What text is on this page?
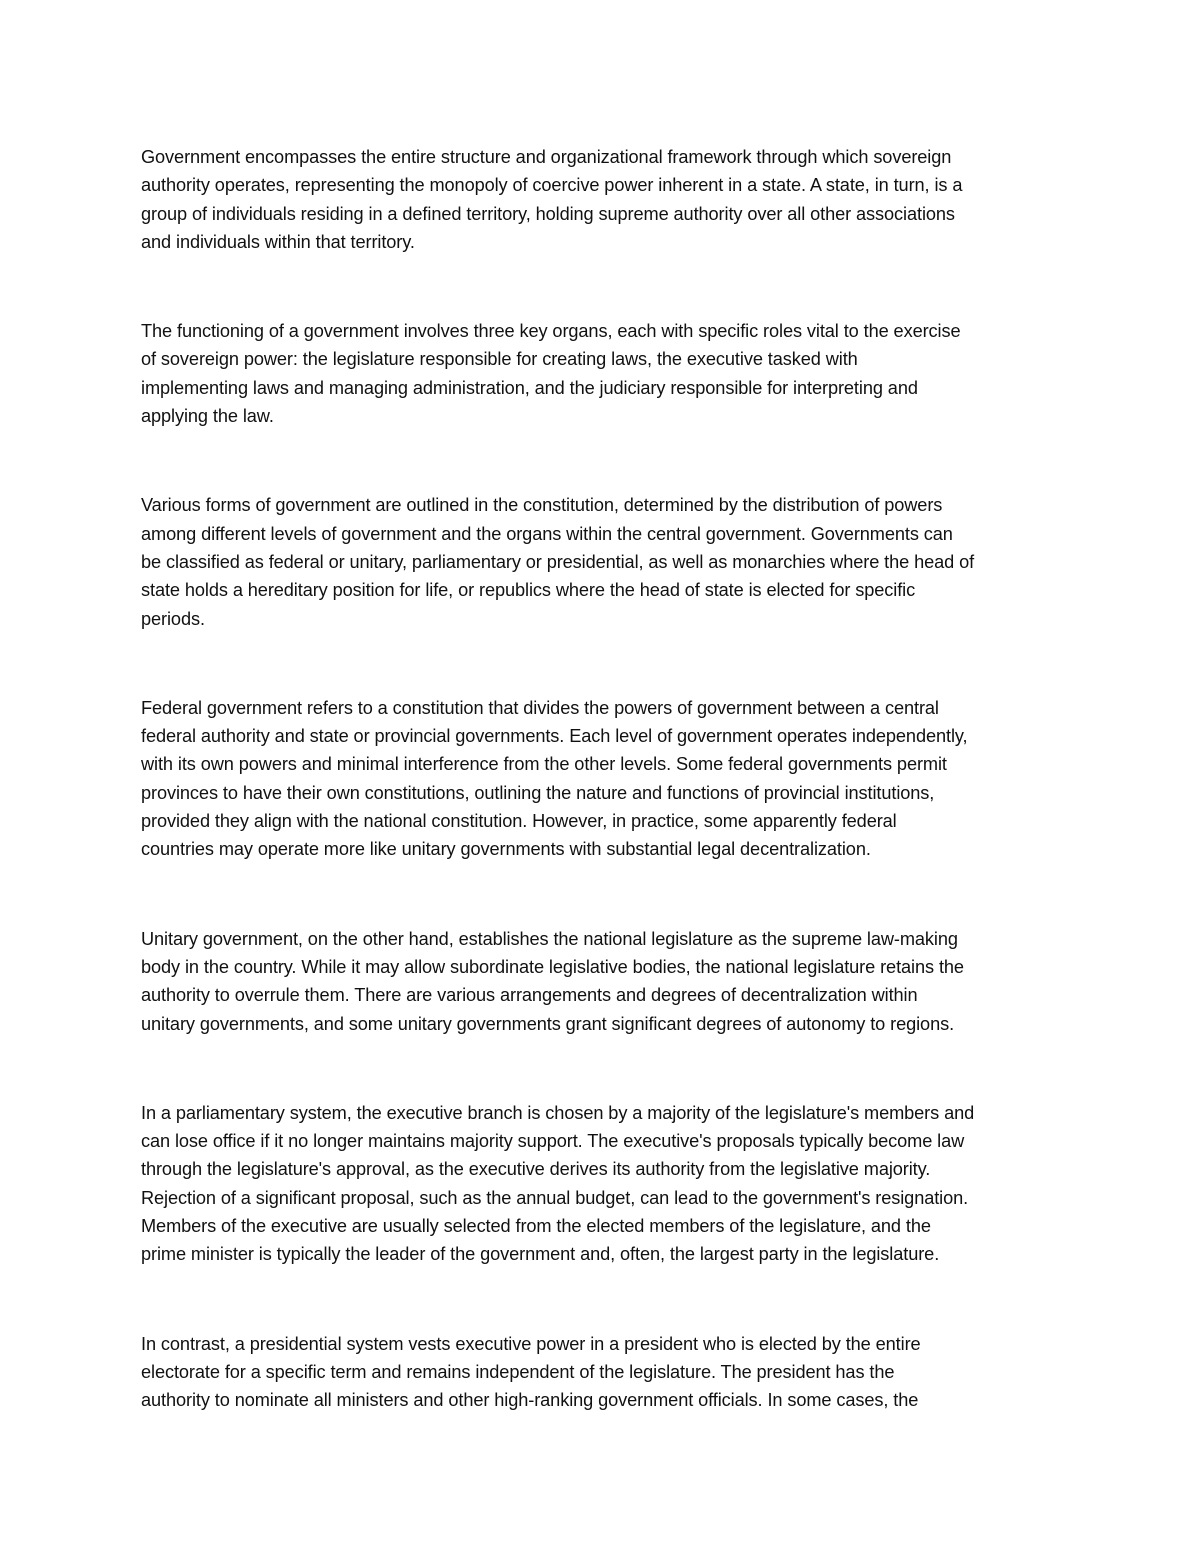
Government encompasses the entire structure and organizational framework through which sovereign
authority operates, representing the monopoly of coercive power inherent in a state. A state, in turn, is a
group of individuals residing in a defined territory, holding supreme authority over all other associations
and individuals within that territory.

The functioning of a government involves three key organs, each with specific roles vital to the exercise
of sovereign power: the legislature responsible for creating laws, the executive tasked with
implementing laws and managing administration, and the judiciary responsible for interpreting and
applying the law.

Various forms of government are outlined in the constitution, determined by the distribution of powers
among different levels of government and the organs within the central government. Governments can
be classified as federal or unitary, parliamentary or presidential, as well as monarchies where the head of
state holds a hereditary position for life, or republics where the head of state is elected for specific
periods.

Federal government refers to a constitution that divides the powers of government between a central
federal authority and state or provincial governments. Each level of government operates independently,
with its own powers and minimal interference from the other levels. Some federal governments permit
provinces to have their own constitutions, outlining the nature and functions of provincial institutions,
provided they align with the national constitution. However, in practice, some apparently federal
countries may operate more like unitary governments with substantial legal decentralization.

Unitary government, on the other hand, establishes the national legislature as the supreme law-making
body in the country. While it may allow subordinate legislative bodies, the national legislature retains the
authority to overrule them. There are various arrangements and degrees of decentralization within
unitary governments, and some unitary governments grant significant degrees of autonomy to regions.

In a parliamentary system, the executive branch is chosen by a majority of the legislature's members and
can lose office if it no longer maintains majority support. The executive's proposals typically become law
through the legislature's approval, as the executive derives its authority from the legislative majority.
Rejection of a significant proposal, such as the annual budget, can lead to the government's resignation.
Members of the executive are usually selected from the elected members of the legislature, and the
prime minister is typically the leader of the government and, often, the largest party in the legislature.

In contrast, a presidential system vests executive power in a president who is elected by the entire
electorate for a specific term and remains independent of the legislature. The president has the
authority to nominate all ministers and other high-ranking government officials. In some cases, the
